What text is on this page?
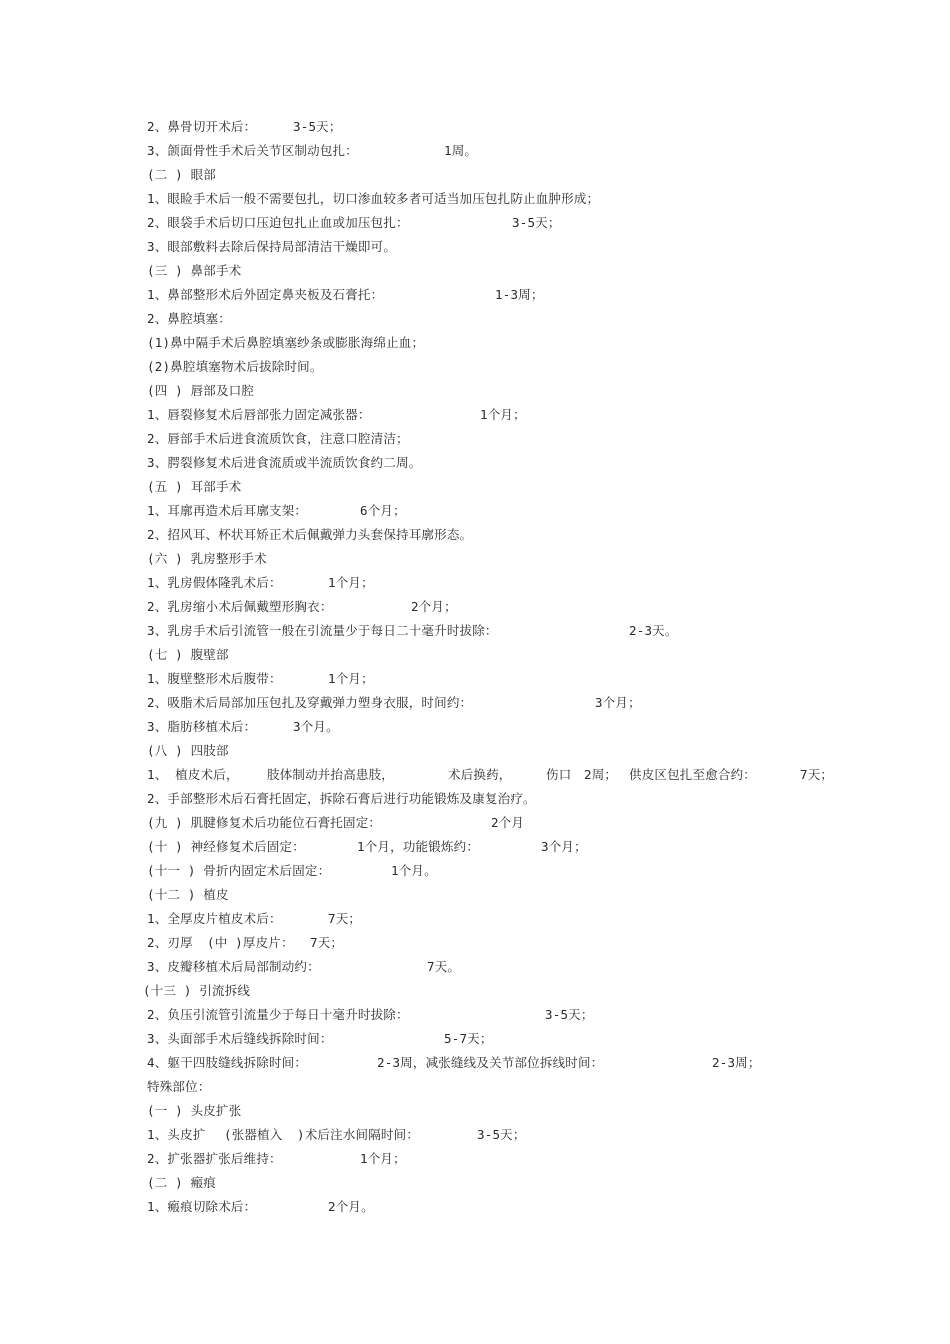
2、鼻骨切开术后：	3-5天；
3、颌面骨性手术后关节区制动包扎：	1周。
(二 ) 眼部
1、眼睑手术后一般不需要包扎，切口渗血较多者可适当加压包扎防止血肿形成；
2、眼袋手术后切口压迫包扎止血或加压包扎：	3-5天；
3、眼部敷料去除后保持局部清洁干燥即可。
(三 ) 鼻部手术
1、鼻部整形术后外固定鼻夹板及石膏托：	1-3周；
2、鼻腔填塞：
(1)鼻中隔手术后鼻腔填塞纱条或膨胀海绵止血；
(2)鼻腔填塞物术后拔除时间。
(四 ) 唇部及口腔
1、唇裂修复术后唇部张力固定减张器：	1个月；
2、唇部手术后进食流质饮食，注意口腔清洁；
3、腭裂修复术后进食流质或半流质饮食约二周。
(五 ) 耳部手术
1、耳廓再造术后耳廓支架：	6个月；
2、招风耳、杯状耳矫正术后佩戴弹力头套保持耳廓形态。
(六 ) 乳房整形手术
1、乳房假体隆乳术后：	1个月；
2、乳房缩小术后佩戴塑形胸衣：	2个月；
3、乳房手术后引流管一般在引流量少于每日二十毫升时拔除：	2-3天。
(七 ) 腹壁部
1、腹壁整形术后腹带：	1个月；
2、吸脂术后局部加压包扎及穿戴弹力塑身衣服，时间约：	3个月；
3、脂肪移植术后：	3个月。
(八 ) 四肢部
1、 植皮术后， 肢体制动并抬高患肢，	术后换药，	伤口 2周； 供皮区包扎至愈合约：	7天；
2、手部整形术后石膏托固定，拆除石膏后进行功能锻炼及康复治疗。
(九 ) 肌腱修复术后功能位石膏托固定：	2个月
(十 ) 神经修复术后固定：	1个月，功能锻炼约：	3个月；
(十一 ) 骨折内固定术后固定：	1个月。
(十二 ) 植皮
1、全厚皮片植皮术后：	7天；
2、刃厚 (中 )厚皮片： 7天；
3、皮瓣移植术后局部制动约：	7天。
(十三 ) 引流拆线
2、负压引流管引流量少于每日十毫升时拔除：	3-5天；
3、头面部手术后缝线拆除时间：	5-7天；
4、躯干四肢缝线拆除时间：	2-3周，减张缝线及关节部位拆线时间：	2-3周；
特殊部位：
(一 ) 头皮扩张
1、头皮扩 (张器植入 )术后注水间隔时间：	3-5天；
2、扩张器扩张后维持：	1个月；
(二 ) 瘢痕
1、瘢痕切除术后：	2个月。
